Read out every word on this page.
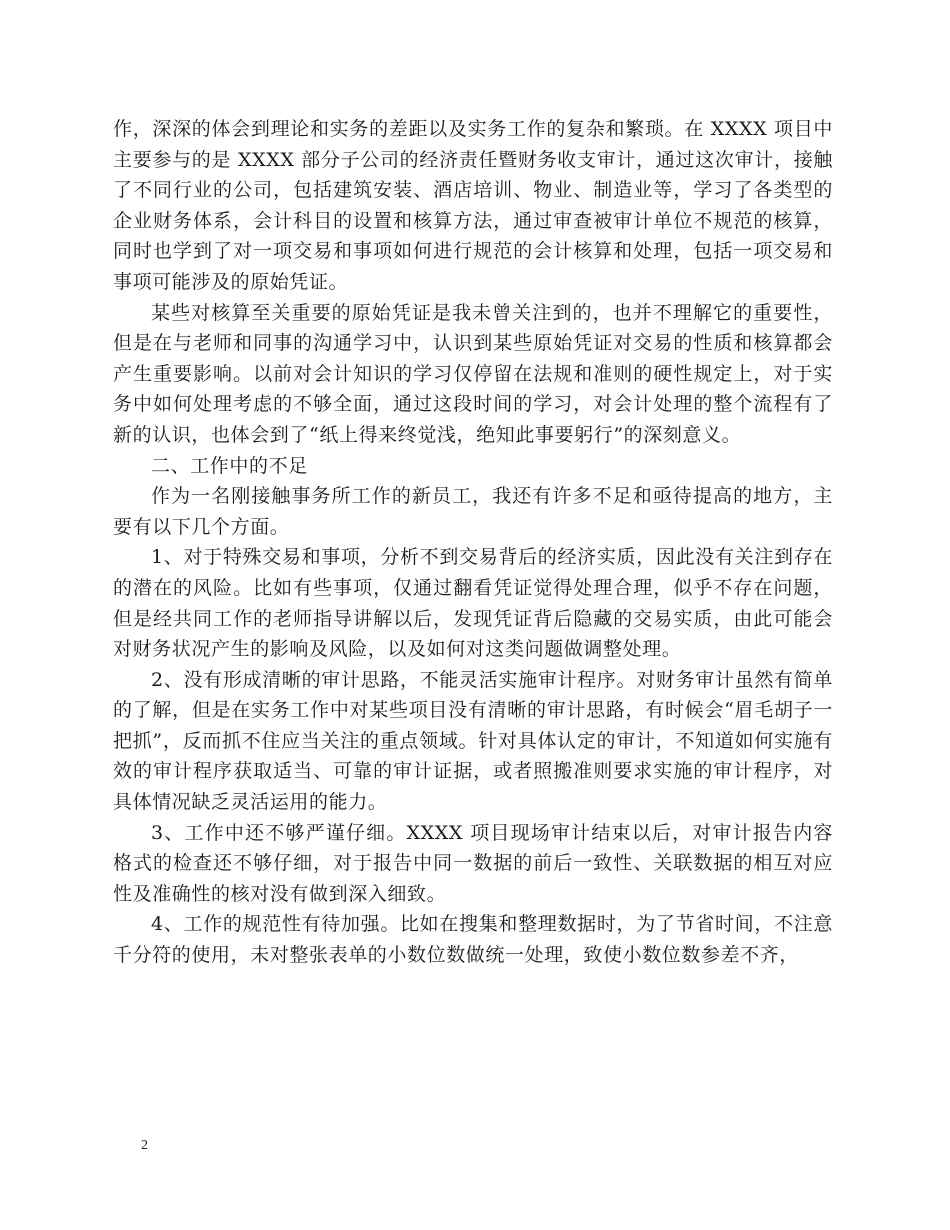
作，深深的体会到理论和实务的差距以及实务工作的复杂和繁琐。在 XXXX 项目中主要参与的是 XXXX 部分子公司的经济责任暨财务收支审计，通过这次审计，接触了不同行业的公司，包括建筑安装、酒店培训、物业、制造业等，学习了各类型的企业财务体系，会计科目的设置和核算方法，通过审查被审计单位不规范的核算，同时也学到了对一项交易和事项如何进行规范的会计核算和处理，包括一项交易和事项可能涉及的原始凭证。

某些对核算至关重要的原始凭证是我未曾关注到的，也并不理解它的重要性，但是在与老师和同事的沟通学习中，认识到某些原始凭证对交易的性质和核算都会产生重要影响。以前对会计知识的学习仅停留在法规和准则的硬性规定上，对于实务中如何处理考虑的不够全面，通过这段时间的学习，对会计处理的整个流程有了新的认识，也体会到了“纸上得来终觉浅，绝知此事要躬行”的深刻意义。

二、工作中的不足

作为一名刚接触事务所工作的新员工，我还有许多不足和亟待提高的地方，主要有以下几个方面。

1、对于特殊交易和事项，分析不到交易背后的经济实质，因此没有关注到存在的潜在的风险。比如有些事项，仅通过翻看凭证觉得处理合理，似乎不存在问题，但是经共同工作的老师指导讲解以后，发现凭证背后隐藏的交易实质，由此可能会对财务状况产生的影响及风险，以及如何对这类问题做调整处理。

2、没有形成清晰的审计思路，不能灵活实施审计程序。对财务审计虽然有简单的了解，但是在实务工作中对某些项目没有清晰的审计思路，有时候会“眉毛胡子一把抓”，反而抓不住应当关注的重点领域。针对具体认定的审计，不知道如何实施有效的审计程序获取适当、可靠的审计证据，或者照搬准则要求实施的审计程序，对具体情况缺乏灵活运用的能力。

3、工作中还不够严谨仔细。XXXX 项目现场审计结束以后，对审计报告内容格式的检查还不够仔细，对于报告中同一数据的前后一致性、关联数据的相互对应性及准确性的核对没有做到深入细致。

4、工作的规范性有待加强。比如在搜集和整理数据时，为了节省时间，不注意千分符的使用，未对整张表单的小数位数做统一处理，致使小数位数参差不齐，

2
